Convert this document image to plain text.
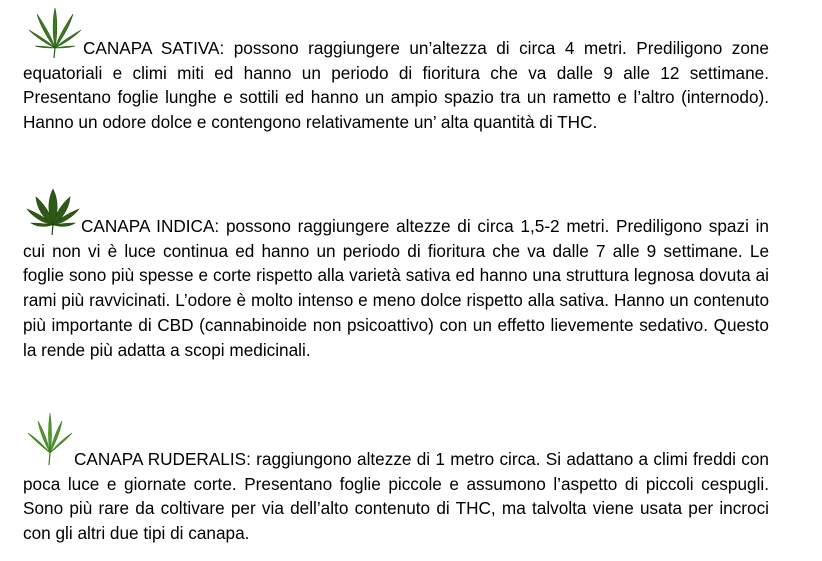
CANAPA SATIVA: possono raggiungere un’altezza di circa 4 metri. Prediligono zone equatoriali e climi miti ed hanno un periodo di fioritura che va dalle 9 alle 12 settimane. Presentano foglie lunghe e sottili ed hanno un ampio spazio tra un rametto e l’altro (internodo). Hanno un odore dolce e contengono relativamente un’ alta quantità di THC.

CANAPA INDICA: possono raggiungere altezze di circa 1,5-2 metri. Prediligono spazi in cui non vi è luce continua ed hanno un periodo di fioritura che va dalle 7 alle 9 settimane. Le foglie sono più spesse e corte rispetto alla varietà sativa ed hanno una struttura legnosa dovuta ai rami più ravvicinati. L’odore è molto intenso e meno dolce rispetto alla sativa. Hanno un contenuto più importante di CBD (cannabinoide non psicoattivo) con un effetto lievemente sedativo. Questo la rende più adatta a scopi medicinali.

CANAPA RUDERALIS: raggiungono altezze di 1 metro circa. Si adattano a climi freddi con poca luce e giornate corte. Presentano foglie piccole e assumono l’aspetto di piccoli cespugli. Sono più rare da coltivare per via dell’alto contenuto di THC, ma talvolta viene usata per incroci con gli altri due tipi di canapa.
